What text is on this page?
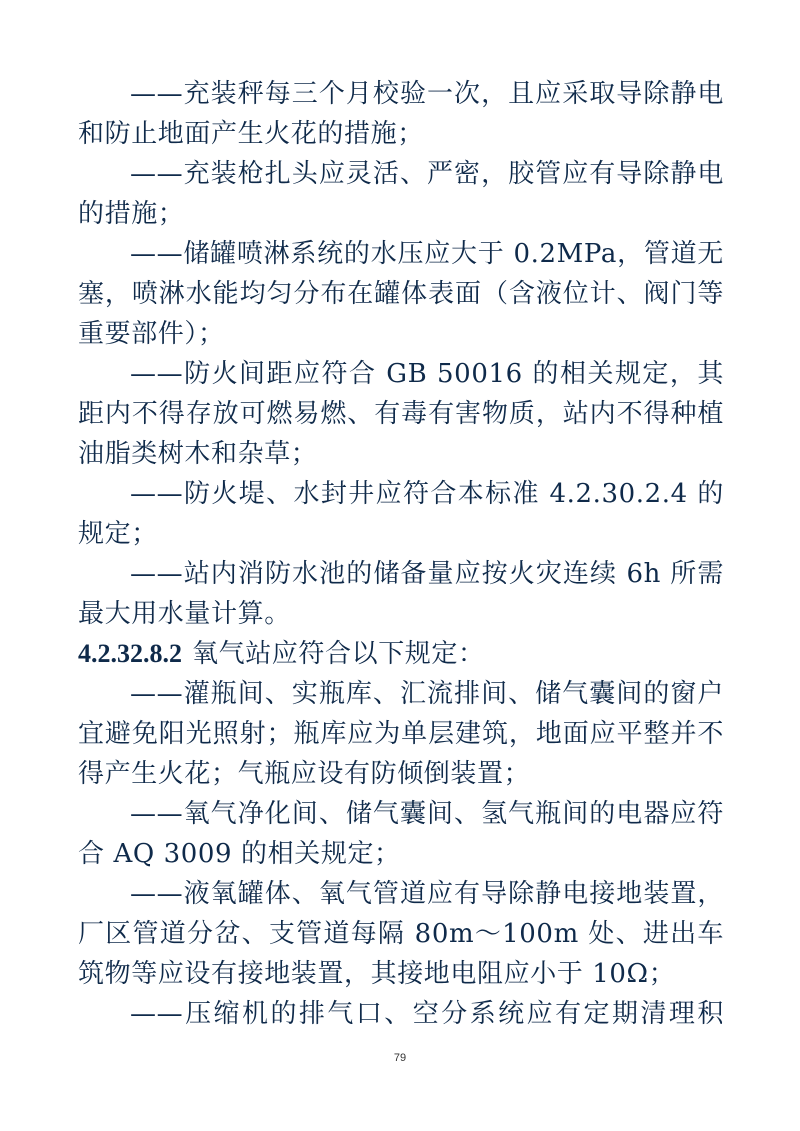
——充装秤每三个月校验一次，且应采取导除静电
和防止地面产生火花的措施；
——充装枪扎头应灵活、严密，胶管应有导除静电
的措施；
——储罐喷淋系统的水压应大于 0.2MPa，管道无
塞，喷淋水能均匀分布在罐体表面（含液位计、阀门等
重要部件）；
——防火间距应符合 GB 50016 的相关规定，其
距内不得存放可燃易燃、有毒有害物质，站内不得种植
油脂类树木和杂草；
——防火堤、水封井应符合本标准 4.2.30.2.4 的
规定；
——站内消防水池的储备量应按火灾连续 6h 所需
最大用水量计算。
4.2.32.8.2 氧气站应符合以下规定：
——灌瓶间、实瓶库、汇流排间、储气囊间的窗户
宜避免阳光照射；瓶库应为单层建筑，地面应平整并不
得产生火花；气瓶应设有防倾倒装置；
——氧气净化间、储气囊间、氢气瓶间的电器应符
合 AQ 3009 的相关规定；
——液氧罐体、氧气管道应有导除静电接地装置，
厂区管道分岔、支管道每隔 80m～100m 处、进出车
筑物等应设有接地装置，其接地电阻应小于 10Ω；
——压缩机的排气口、空分系统应有定期清理积
79
